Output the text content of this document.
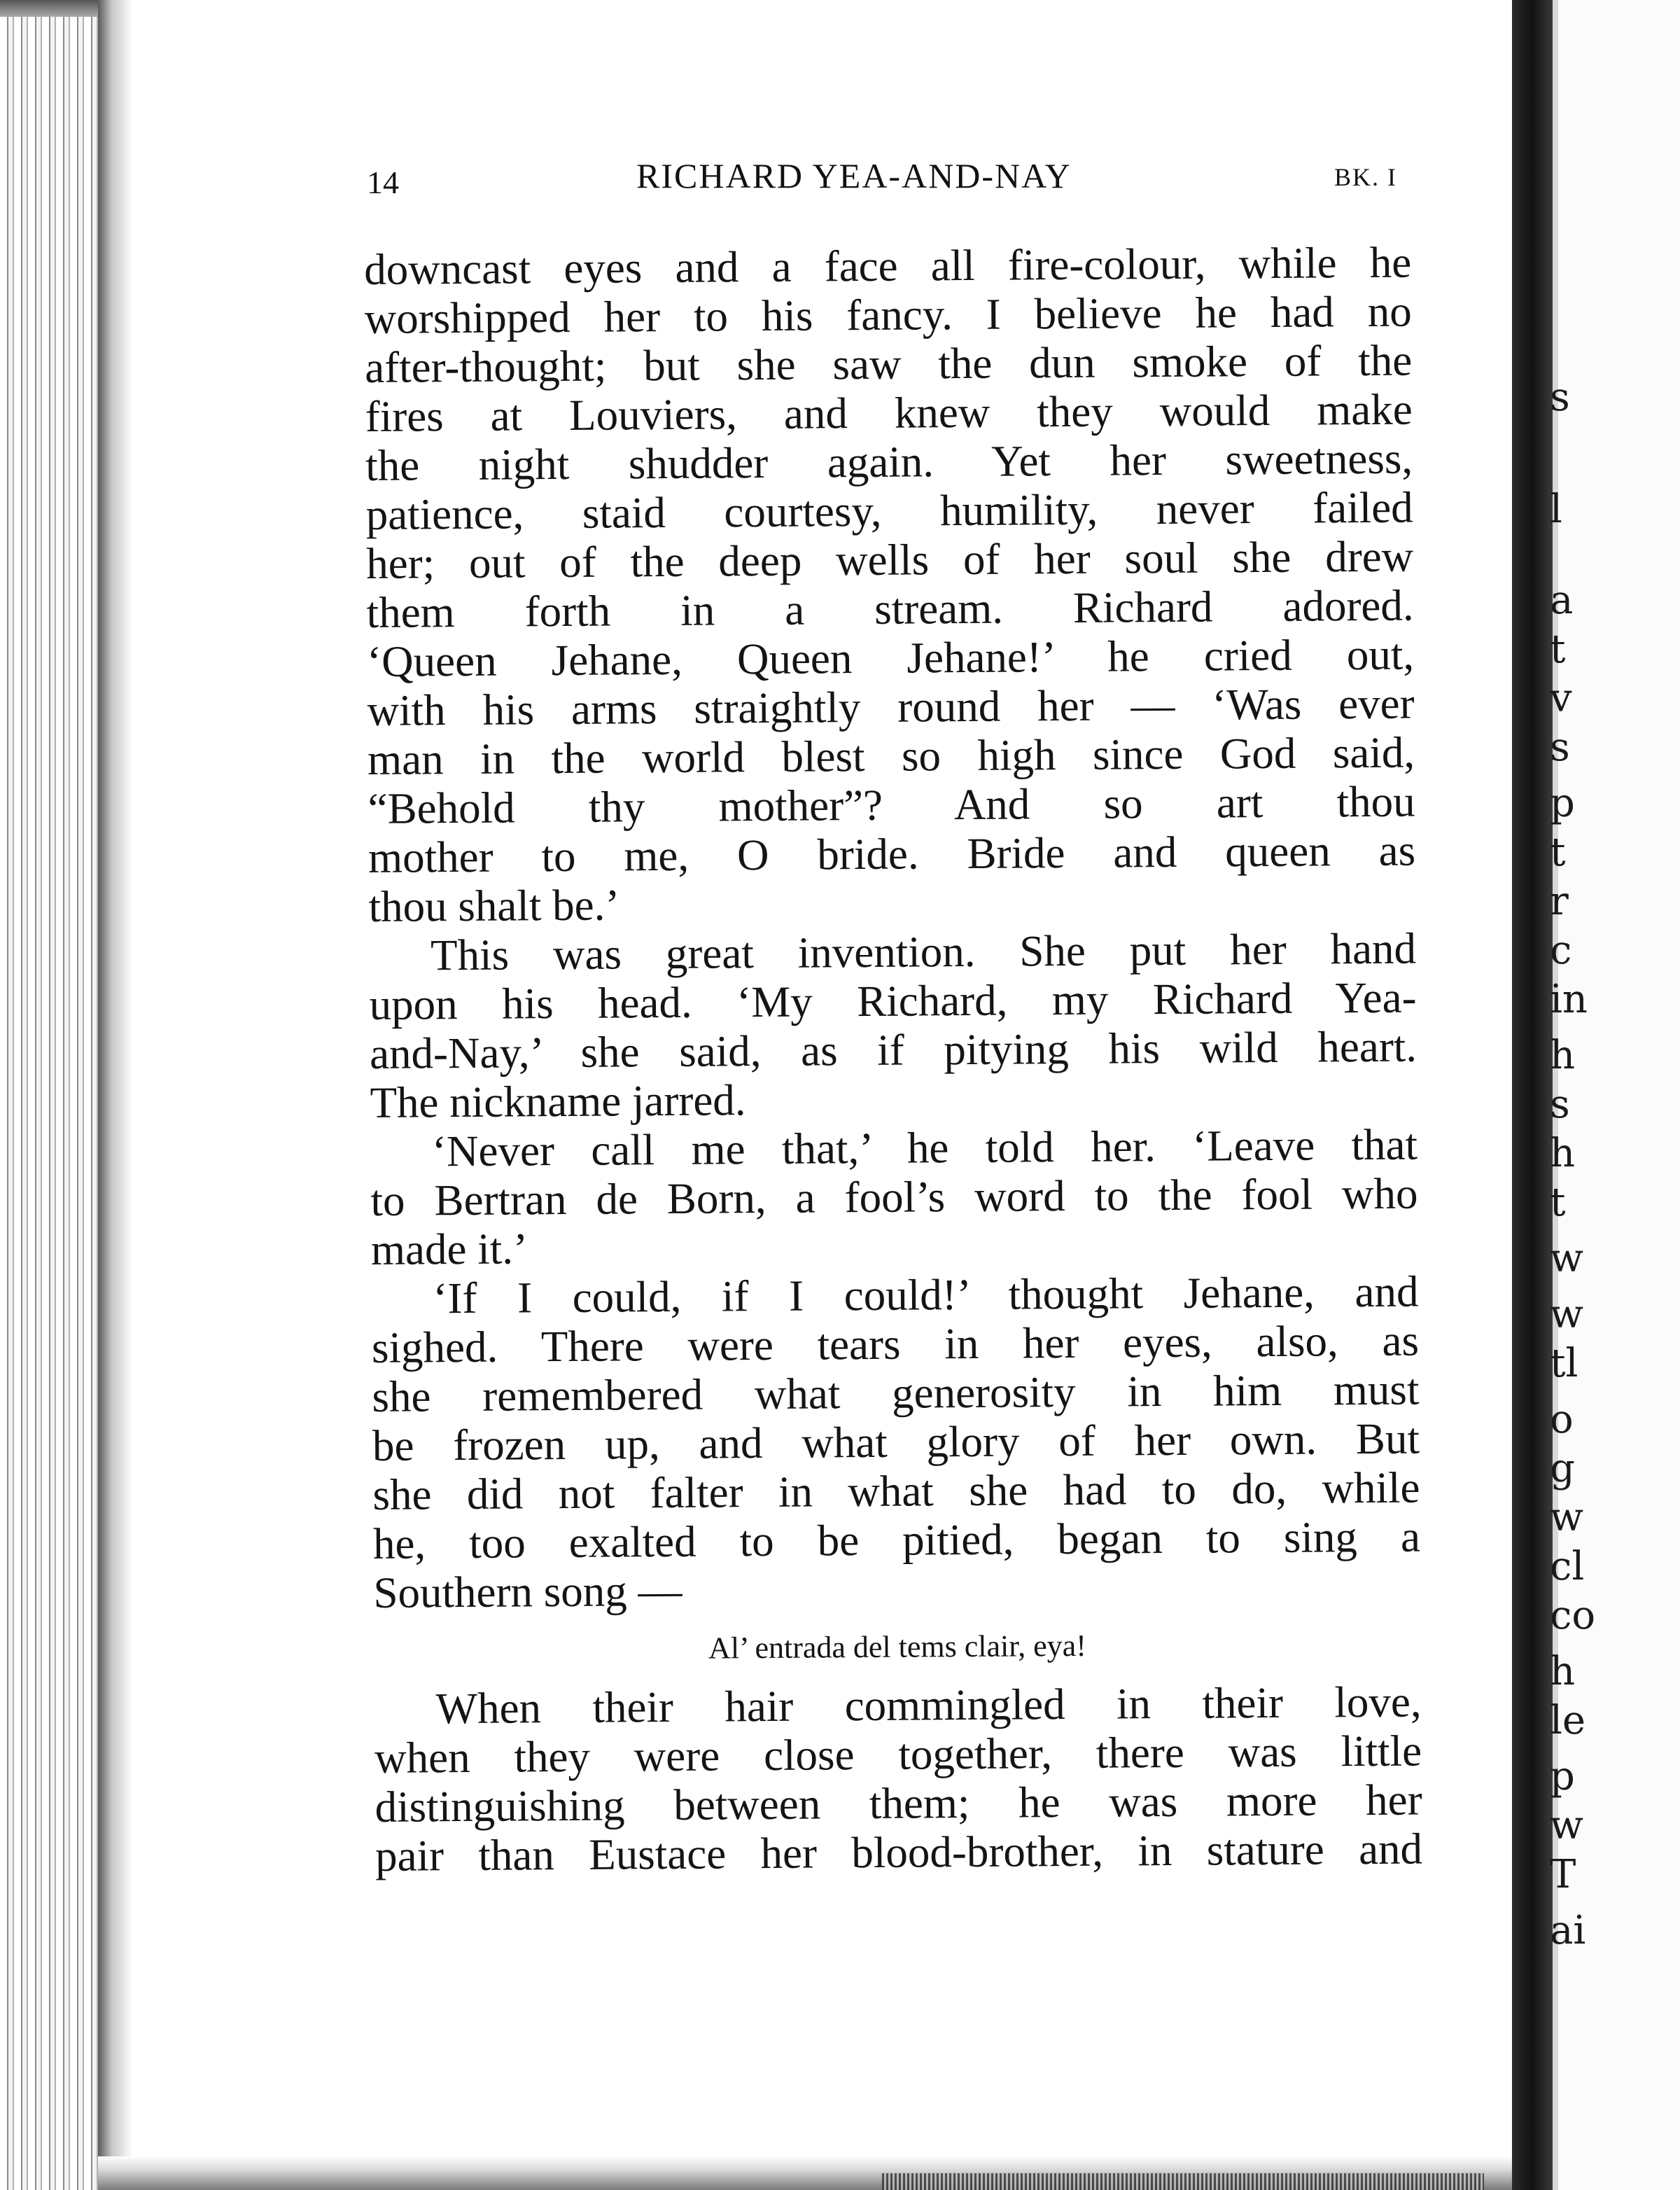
14	RICHARD YEA-AND-NAY	BK. I
downcast eyes and a face all fire-colour, while he
worshipped her to his fancy. I believe he had no
after-thought; but she saw the dun smoke of the
fires at Louviers, and knew they would make
the night shudder again. Yet her sweetness,
patience, staid courtesy, humility, never failed
her; out of the deep wells of her soul she drew
them forth in a stream. Richard adored.
‘Queen Jehane, Queen Jehane!’ he cried out,
with his arms straightly round her — ‘Was ever
man in the world blest so high since God said,
“Behold thy mother”? And so art thou
mother to me, O bride. Bride and queen as
thou shalt be.’
This was great invention. She put her hand
upon his head. ‘My Richard, my Richard Yea-
and-Nay,’ she said, as if pitying his wild heart.
The nickname jarred.
‘Never call me that,’ he told her. ‘Leave that
to Bertran de Born, a fool’s word to the fool who
made it.’
‘If I could, if I could!’ thought Jehane, and
sighed. There were tears in her eyes, also, as
she remembered what generosity in him must
be frozen up, and what glory of her own. But
she did not falter in what she had to do, while
he, too exalted to be pitied, began to sing a
Southern song —
Al’ entrada del tems clair, eya!
When their hair commingled in their love,
when they were close together, there was little
distinguishing between them; he was more her
pair than Eustace her blood-brother, in stature and
s
l
a
t
v
s
p
t
r
c
in
h
s
h
t
w
w
tl
o
g
w
cl
co
h
le
p
w
T
ai
